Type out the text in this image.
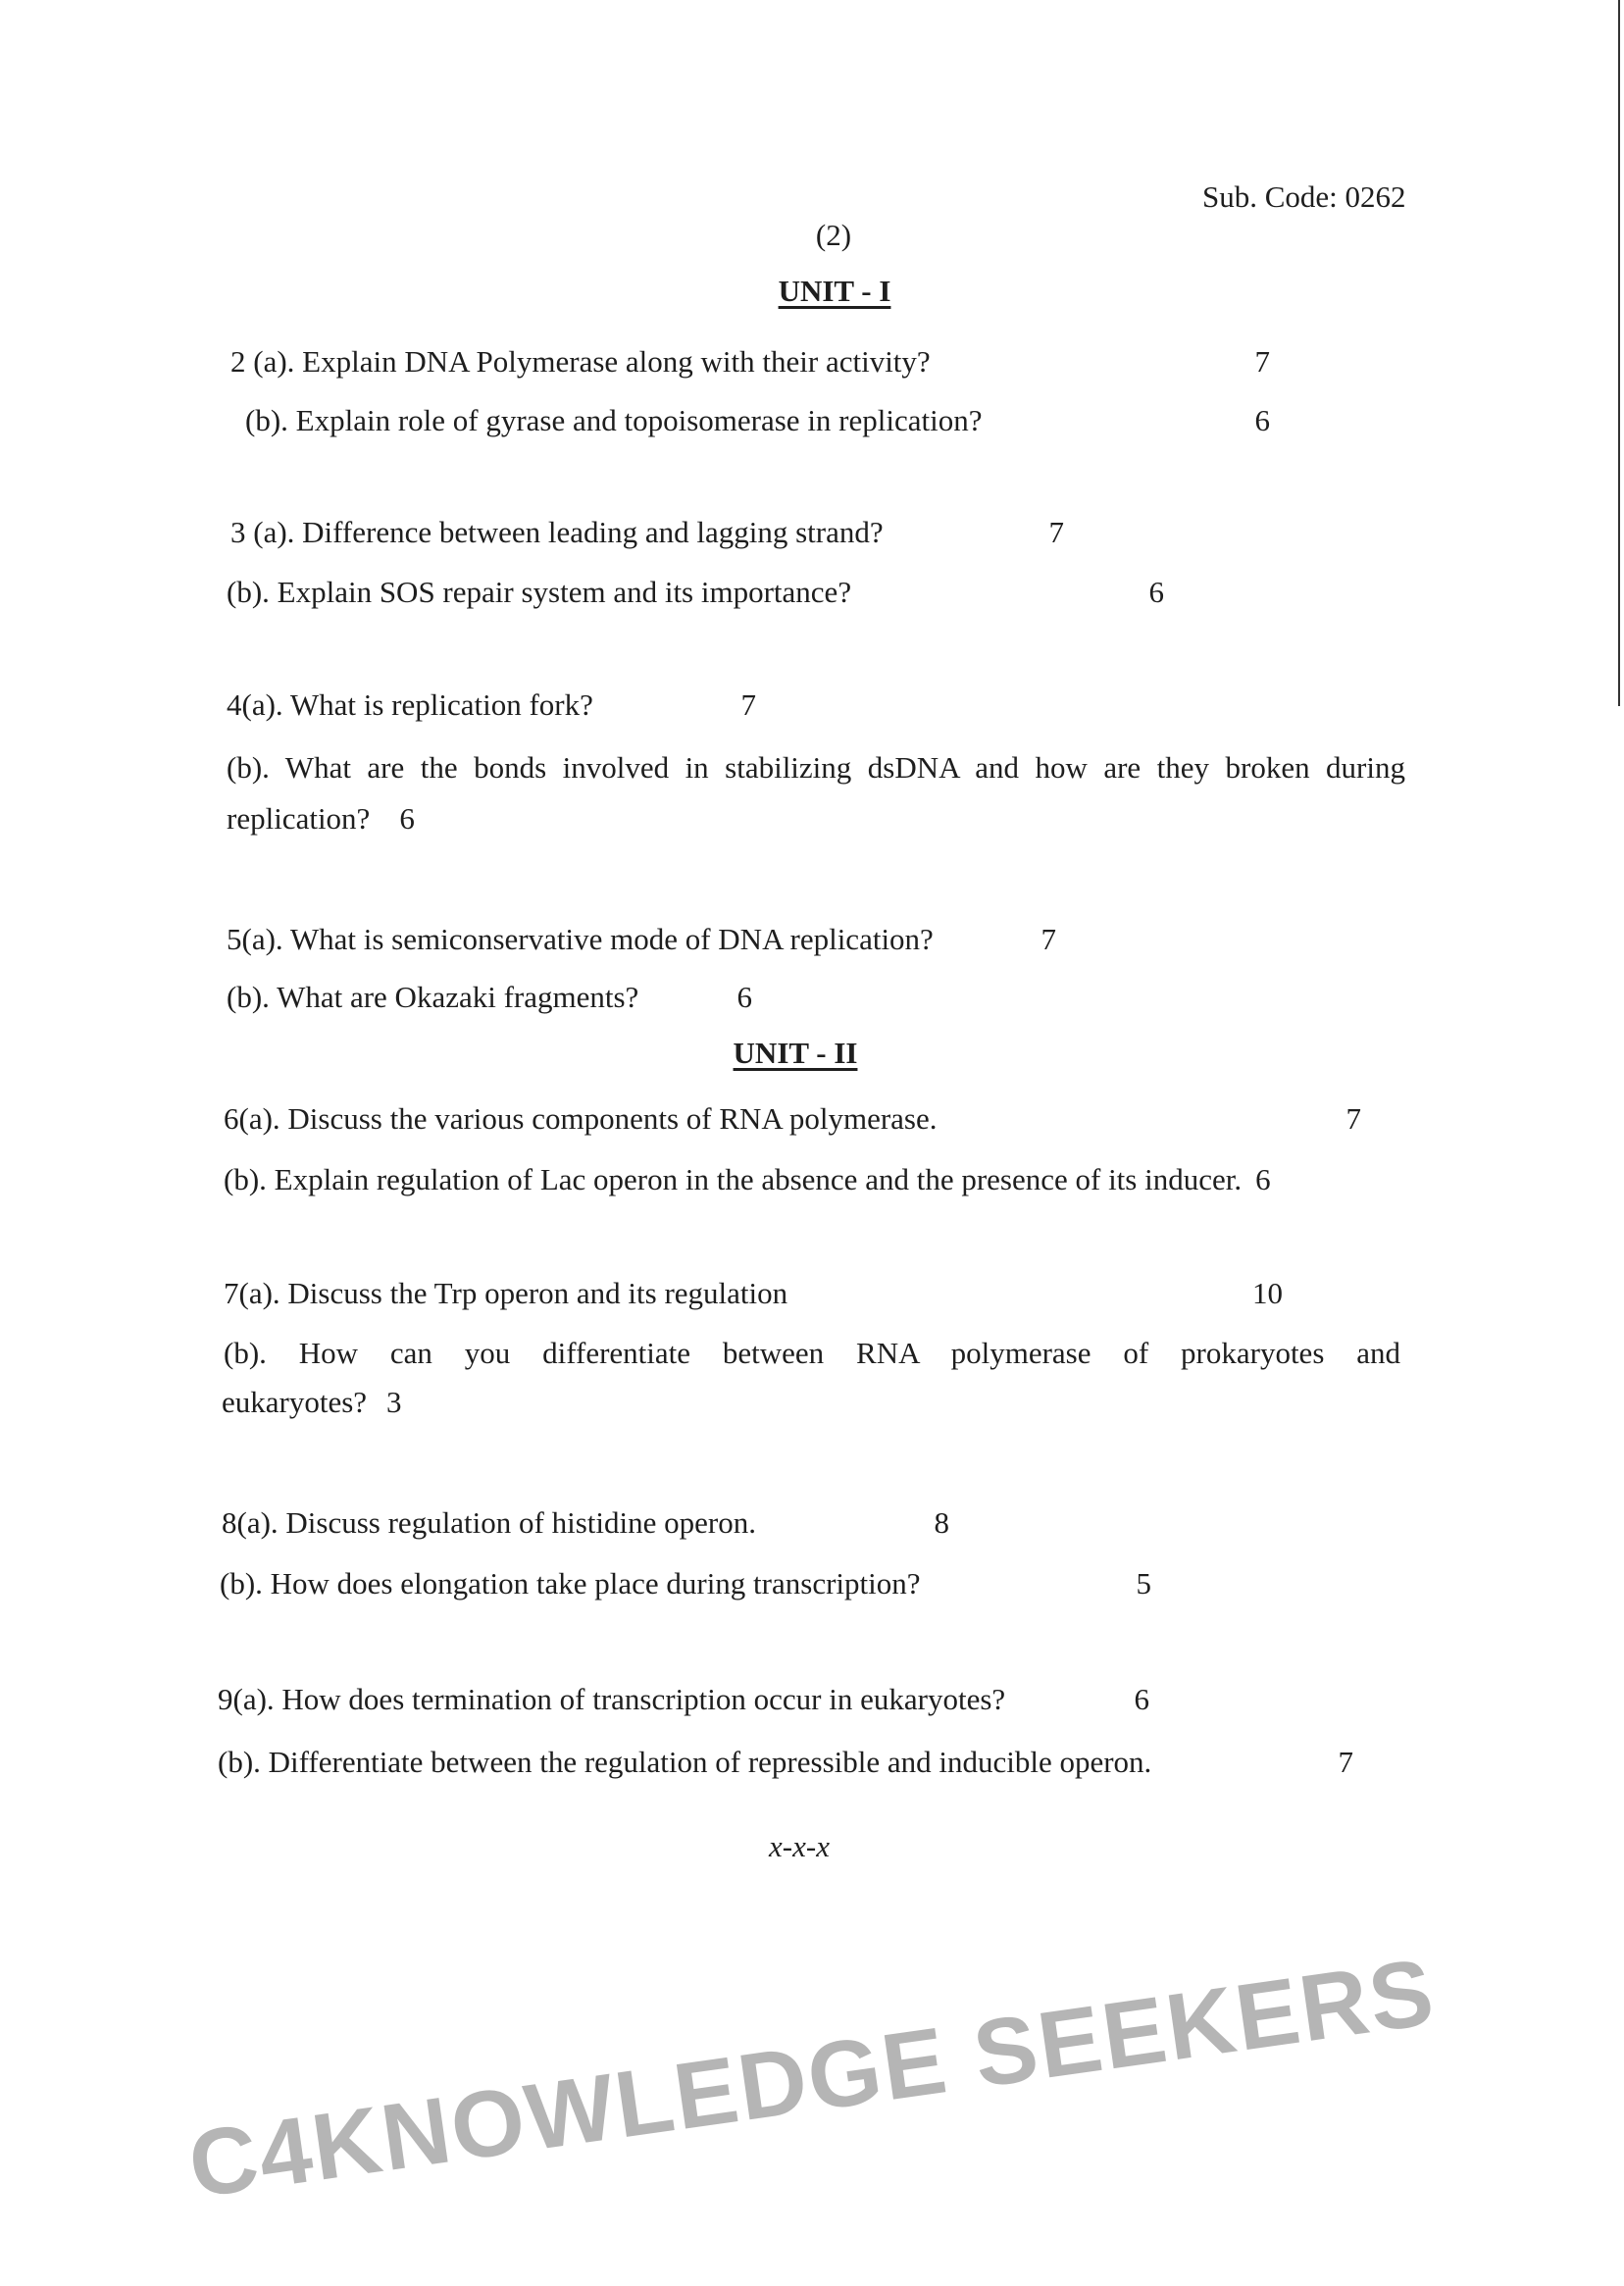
Sub. Code: 0262
(2)
UNIT - I
2 (a). Explain DNA Polymerase along with their activity?	7
(b). Explain role of gyrase and topoisomerase in replication?	6
3 (a). Difference between leading and lagging strand?	7
(b). Explain SOS repair system and its importance?	6
4(a). What is replication fork?	7
(b). What are the bonds involved in stabilizing dsDNA and how are they broken during
replication? 6
5(a). What is semiconservative mode of DNA replication?	7
(b). What are Okazaki fragments?	6
UNIT - II
6(a). Discuss the various components of RNA polymerase.	7
(b). Explain regulation of Lac operon in the absence and the presence of its inducer. 6
7(a). Discuss the Trp operon and its regulation	10
(b). How can you differentiate between RNA polymerase of prokaryotes and
eukaryotes? 3
8(a). Discuss regulation of histidine operon.	8
(b). How does elongation take place during transcription?	5
9(a). How does termination of transcription occur in eukaryotes?	6
(b). Differentiate between the regulation of repressible and inducible operon.	7
x-x-x
C4KNOWLEDGE SEEKERS
